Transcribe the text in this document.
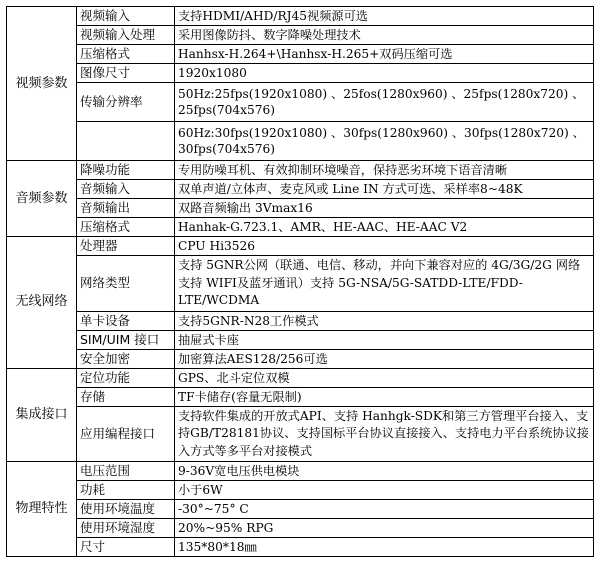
视频参数	视频输入	支持HDMI/AHD/RJ45视频源可选

	视频输入处理	采用图像防抖、数字降噪处理技术

	压缩格式	Hanhsx-H.264+\Hanhsx-H.265+双码压缩可选

	图像尺寸	1920x1080

	传输分辨率	50Hz:25fps(1920x1080) 、25fos(1280x960) 、25fps(1280x720) 、25fps(704x576)

		60Hz:30fps(1920x1080) 、30fps(1280x960) 、30fps(1280x720) 、30fps(704x576)

音频参数	降噪功能	专用防噪耳机、有效抑制环境噪音，保持恶劣环境下语音清晰

	音频输入	双单声道/立体声、麦克风或 Line IN 方式可选、采样率8~48K

	音频输出	双路音频输出 3Vmax16

	压缩格式	Hanhak-G.723.1、AMR、HE-AAC、HE-AAC V2

无线网络	处理器	CPU Hi3526

	网络类型	支持 5GNR公网（联通、电信、移动，并向下兼容对应的 4G/3G/2G 网络支持 WIFI及蓝牙通讯）支持 5G-NSA/5G-SATDD-LTE/FDD-LTE/WCDMA

	单卡设备	支持5GNR-N28工作模式

	SIM/UIM 接口	抽屉式卡座

	安全加密	加密算法AES128/256可选

集成接口	定位功能	GPS、北斗定位双模

	存储	TF卡储存(容量无限制)

	应用编程接口	支持软件集成的开放式API、支持 Hanhgk-SDK和第三方管理平台接入、支持GB/T28181协议、支持国标平台协议直接接入、支持电力平台系统协议接入方式等多平台对接模式

物理特性	电压范围	9-36V宽电压供电模块

	功耗	小于6W

	使用环境温度	-30°~75° C

	使用环境湿度	20%~95% RPG

	尺寸	135*80*18㎜
